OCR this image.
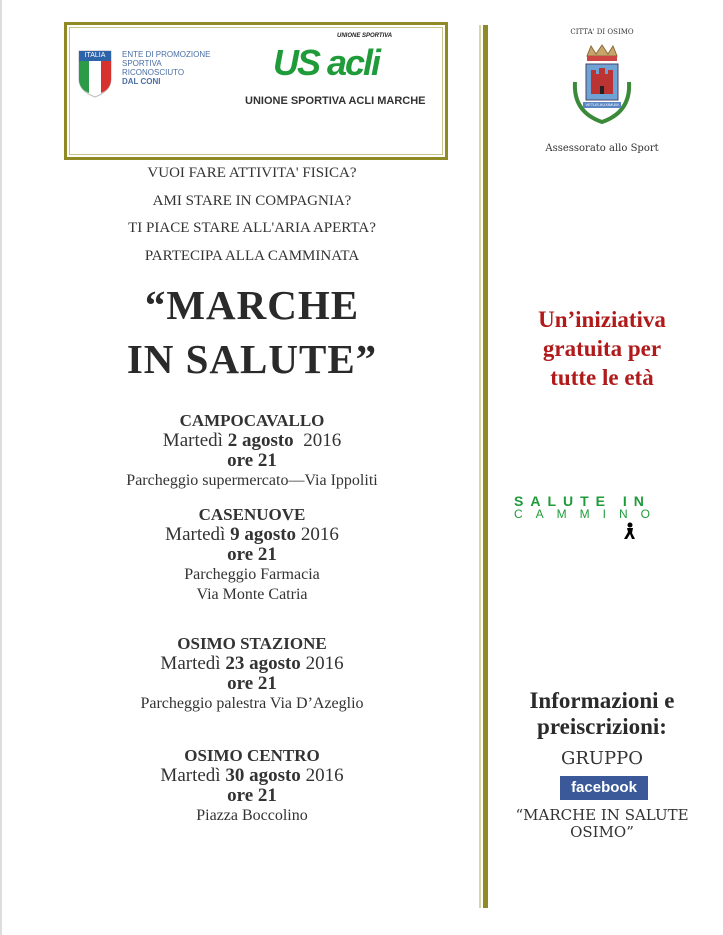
ITALIA	ENTE DI PROMOZIONE
SPORTIVA
RICONOSCIUTO
DAL CONI
UNIONE SPORTIVA
US acli
UNIONE SPORTIVA ACLI MARCHE
VUOI FARE ATTIVITA' FISICA?
AMI STARE IN COMPAGNIA?
TI PIACE STARE ALL'ARIA APERTA?
PARTECIPA ALLA CAMMINATA
“MARCHE
IN SALUTE”
CAMPOCAVALLO
Martedì 2 agosto  2016
ore 21
Parcheggio supermercato—Via Ippoliti
CASENUOVE
Martedì 9 agosto 2016
ore 21
Parcheggio Farmacia
Via Monte Catria
OSIMO STAZIONE
Martedì 23 agosto 2016
ore 21
Parcheggio palestra Via D’Azeglio
OSIMO CENTRO
Martedì 30 agosto 2016
ore 21
Piazza Boccolino
CITTA' DI OSIMO
VETUS AUXIMUM
Assessorato allo Sport
Un’iniziativa
gratuita per
tutte le età
SALUTE IN
CAMMINO
Informazioni e
preiscrizioni:
GRUPPO
facebook
“MARCHE IN SALUTE
OSIMO”
